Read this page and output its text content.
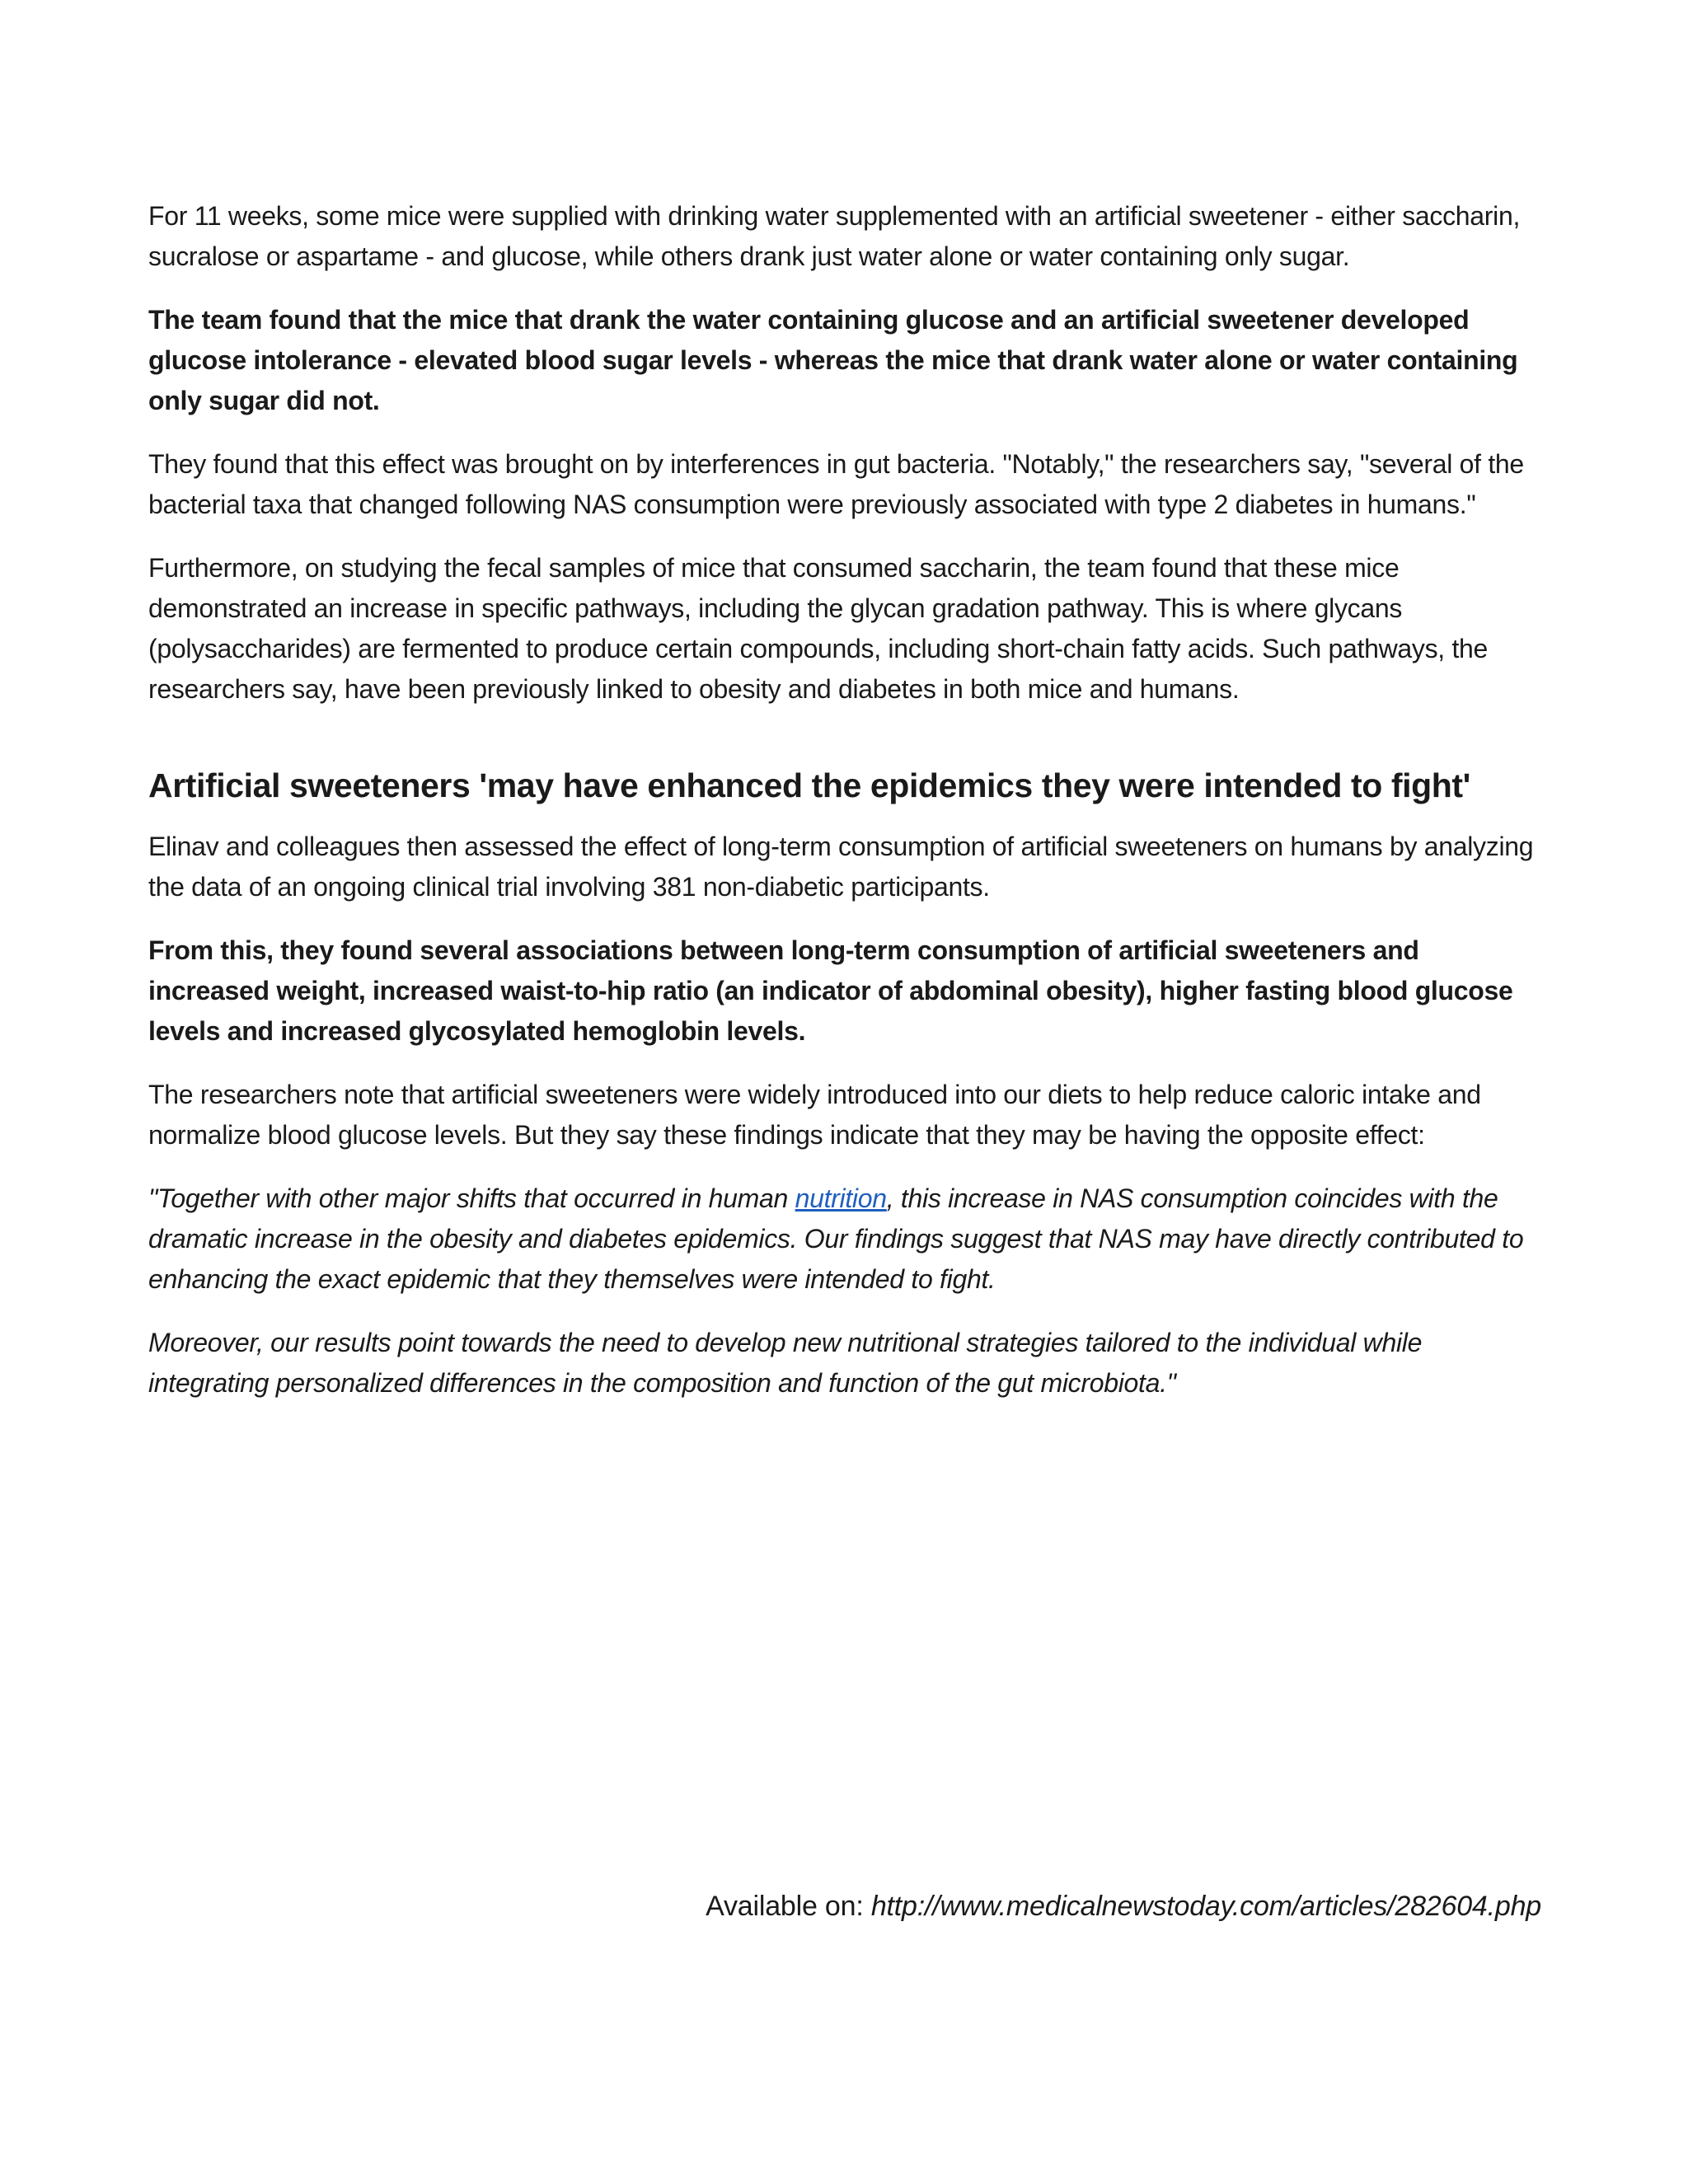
For 11 weeks, some mice were supplied with drinking water supplemented with an artificial sweetener - either saccharin, sucralose or aspartame - and glucose, while others drank just water alone or water containing only sugar.

The team found that the mice that drank the water containing glucose and an artificial sweetener developed glucose intolerance - elevated blood sugar levels - whereas the mice that drank water alone or water containing only sugar did not.

They found that this effect was brought on by interferences in gut bacteria. "Notably," the researchers say, "several of the bacterial taxa that changed following NAS consumption were previously associated with type 2 diabetes in humans."

Furthermore, on studying the fecal samples of mice that consumed saccharin, the team found that these mice demonstrated an increase in specific pathways, including the glycan gradation pathway. This is where glycans (polysaccharides) are fermented to produce certain compounds, including short-chain fatty acids. Such pathways, the researchers say, have been previously linked to obesity and diabetes in both mice and humans.

Artificial sweeteners 'may have enhanced the epidemics they were intended to fight'

Elinav and colleagues then assessed the effect of long-term consumption of artificial sweeteners on humans by analyzing the data of an ongoing clinical trial involving 381 non-diabetic participants.

From this, they found several associations between long-term consumption of artificial sweeteners and increased weight, increased waist-to-hip ratio (an indicator of abdominal obesity), higher fasting blood glucose levels and increased glycosylated hemoglobin levels.

The researchers note that artificial sweeteners were widely introduced into our diets to help reduce caloric intake and normalize blood glucose levels. But they say these findings indicate that they may be having the opposite effect:

"Together with other major shifts that occurred in human nutrition, this increase in NAS consumption coincides with the dramatic increase in the obesity and diabetes epidemics. Our findings suggest that NAS may have directly contributed to enhancing the exact epidemic that they themselves were intended to fight.

Moreover, our results point towards the need to develop new nutritional strategies tailored to the individual while integrating personalized differences in the composition and function of the gut microbiota."

Available on: http://www.medicalnewstoday.com/articles/282604.php
